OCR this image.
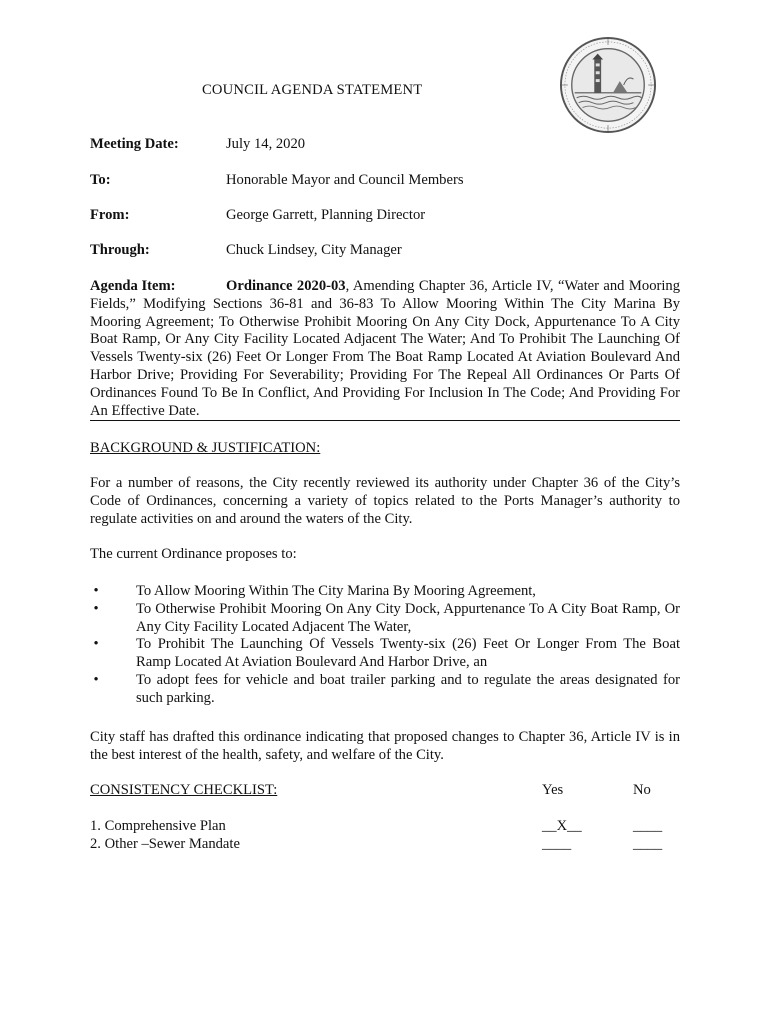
COUNCIL AGENDA STATEMENT
Meeting Date:	July 14, 2020
To:	Honorable Mayor and Council Members
From:	George Garrett, Planning Director
Through:	Chuck Lindsey, City Manager
Agenda Item:	Ordinance 2020-03, Amending Chapter 36, Article IV, “Water and Mooring Fields,” Modifying Sections 36-81 and 36-83 To Allow Mooring Within The City Marina By Mooring Agreement; To Otherwise Prohibit Mooring On Any City Dock, Appurtenance To A City Boat Ramp, Or Any City Facility Located Adjacent The Water; And To Prohibit The Launching Of Vessels Twenty-six (26) Feet Or Longer From The Boat Ramp Located At Aviation Boulevard And Harbor Drive; Providing For Severability; Providing For The Repeal All Ordinances Or Parts Of Ordinances Found To Be In Conflict, And Providing For Inclusion In The Code; And Providing For An Effective Date.
BACKGROUND & JUSTIFICATION:
For a number of reasons, the City recently reviewed its authority under Chapter 36 of the City’s Code of Ordinances, concerning a variety of topics related to the Ports Manager’s authority to regulate activities on and around the waters of the City.
The current Ordinance proposes to:
•	To Allow Mooring Within The City Marina By Mooring Agreement,
•	To Otherwise Prohibit Mooring On Any City Dock, Appurtenance To A City Boat Ramp, Or Any City Facility Located Adjacent The Water,
•	To Prohibit The Launching Of Vessels Twenty-six (26) Feet Or Longer From The Boat Ramp Located At Aviation Boulevard And Harbor Drive, an
•	To adopt fees for vehicle and boat trailer parking and to regulate the areas designated for such parking.
City staff has drafted this ordinance indicating that proposed changes to Chapter 36, Article IV is in the best interest of the health, safety, and welfare of the City.
CONSISTENCY CHECKLIST:	Yes	No
1. Comprehensive Plan	__X__	____
2. Other –Sewer Mandate	____	____
